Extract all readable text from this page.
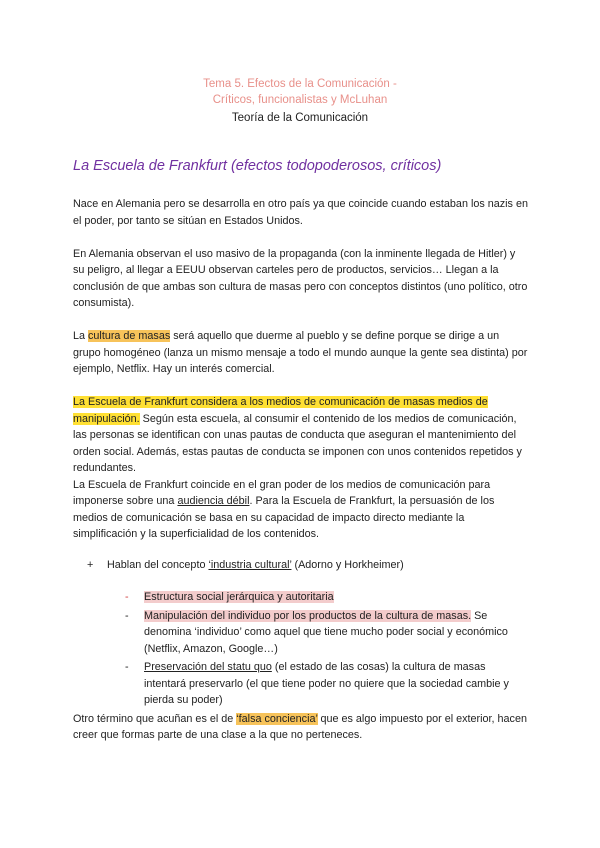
Tema 5. Efectos de la Comunicación -
Críticos, funcionalistas y McLuhan
Teoría de la Comunicación
La Escuela de Frankfurt (efectos todopoderosos, críticos)

Nace en Alemania pero se desarrolla en otro país ya que coincide cuando estaban los nazis en el poder, por tanto se sitúan en Estados Unidos.

En Alemania observan el uso masivo de la propaganda (con la inminente llegada de Hitler) y su peligro, al llegar a EEUU observan carteles pero de productos, servicios… Llegan a la conclusión de que ambas son cultura de masas pero con conceptos distintos (uno político, otro consumista).

La cultura de masas será aquello que duerme al pueblo y se define porque se dirige a un grupo homogéneo (lanza un mismo mensaje a todo el mundo aunque la gente sea distinta) por ejemplo, Netflix. Hay un interés comercial.

La Escuela de Frankfurt considera a los medios de comunicación de masas medios de manipulación. Según esta escuela, al consumir el contenido de los medios de comunicación, las personas se identifican con unas pautas de conducta que aseguran el mantenimiento del orden social. Además, estas pautas de conducta se imponen con unos contenidos repetidos y redundantes.

La Escuela de Frankfurt coincide en el gran poder de los medios de comunicación para imponerse sobre una audiencia débil. Para la Escuela de Frankfurt, la persuasión de los medios de comunicación se basa en su capacidad de impacto directo mediante la simplificación y la superficialidad de los contenidos.

+	Hablan del concepto ‘industria cultural’ (Adorno y Horkheimer)
-	Estructura social jerárquica y autoritaria
-	Manipulación del individuo por los productos de la cultura de masas. Se denomina ‘individuo’ como aquel que tiene mucho poder social y económico (Netflix, Amazon, Google…)
-	Preservación del statu quo (el estado de las cosas) la cultura de masas intentará preservarlo (el que tiene poder no quiere que la sociedad cambie y pierda su poder)

Otro término que acuñan es el de ‘falsa conciencia’ que es algo impuesto por el exterior, hacen creer que formas parte de una clase a la que no perteneces.
